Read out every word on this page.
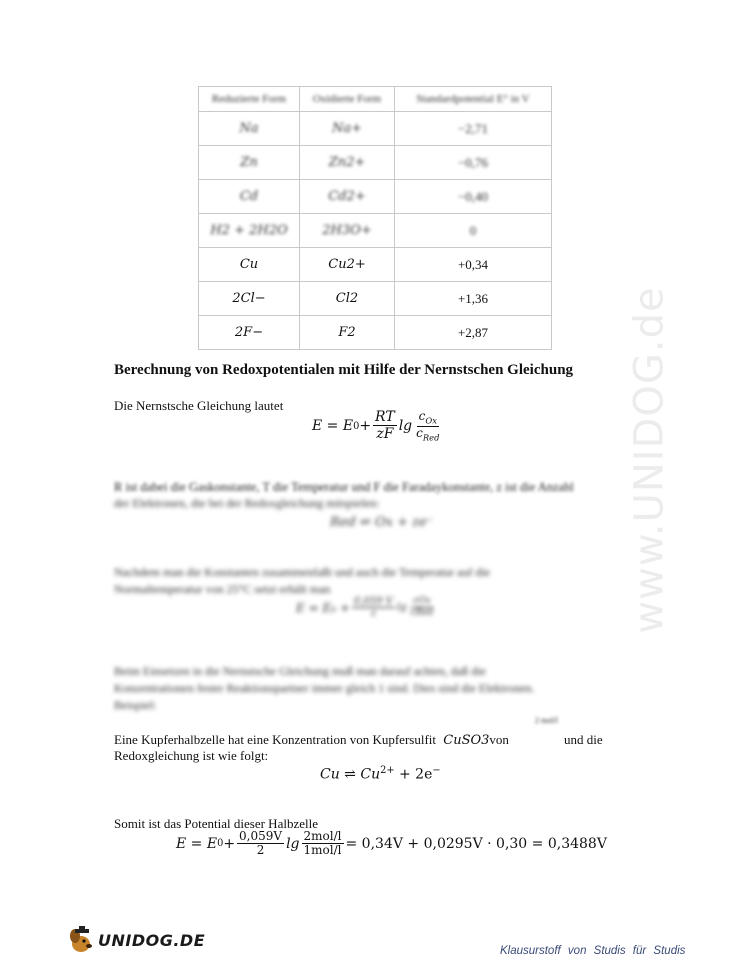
Reduzierte Form	Oxidierte Form	Standardpotential E° in V
Na	Na+	−2,71
Zn	Zn2+	−0,76
Cd	Cd2+	−0,40
H2 + 2H2O	2H3O+	0
Cu	Cu2+	+0,34
2Cl−	Cl2	+1,36
2F−	F2	+2,87
Berechnung von Redoxpotentialen mit Hilfe der Nernstschen Gleichung
Die Nernstsche Gleichung lautet
E = E $0 + \frac{RT}{zF}$ $\lg \frac{c_{Ox}}{c_{Red}}$
R ist dabei die Gaskonstante, T die Temperatur und F die Faradaykonstante, z ist die Anzahl
der Elektronen, die bei der Redoxgleichung mitspielen:
Red ⇌ Ox + ze⁻
Nachdem man die Konstanten zusammenfaßt und auch die Temperatur auf die
Normaltemperatur von 25°C setzt erhält man
$E = E_0 + \frac{0,059 V}{z}$ $\lg \frac{\text{cOx}}{\text{cRed}}$
Beim Einsetzen in die Nernstsche Gleichung muß man darauf achten, daß die
Konzentrationen fester Reaktionspartner immer gleich 1 sind. Dies sind die Elektronen.
Beispiel:
Eine Kupferhalbzelle hat eine Konzentration von Kupfersulfit CuSO3von
2 mol/l
und die
Redoxgleichung ist wie folgt:
Cu ⇌ $Cu^{2+} + 2e^-$
Somit ist das Potential dieser Halbzelle
E = E $0 + \frac{0,059V}{2}$ $\lg \frac{\text{2mol/l}}{\text{1mol/l}} = 0,34V + 0,0295V \cdot 0,30 = 0,3488V$
www.UNIDOG.de
UNIDOG.DE
Klausurstoff von Studis für Studis
